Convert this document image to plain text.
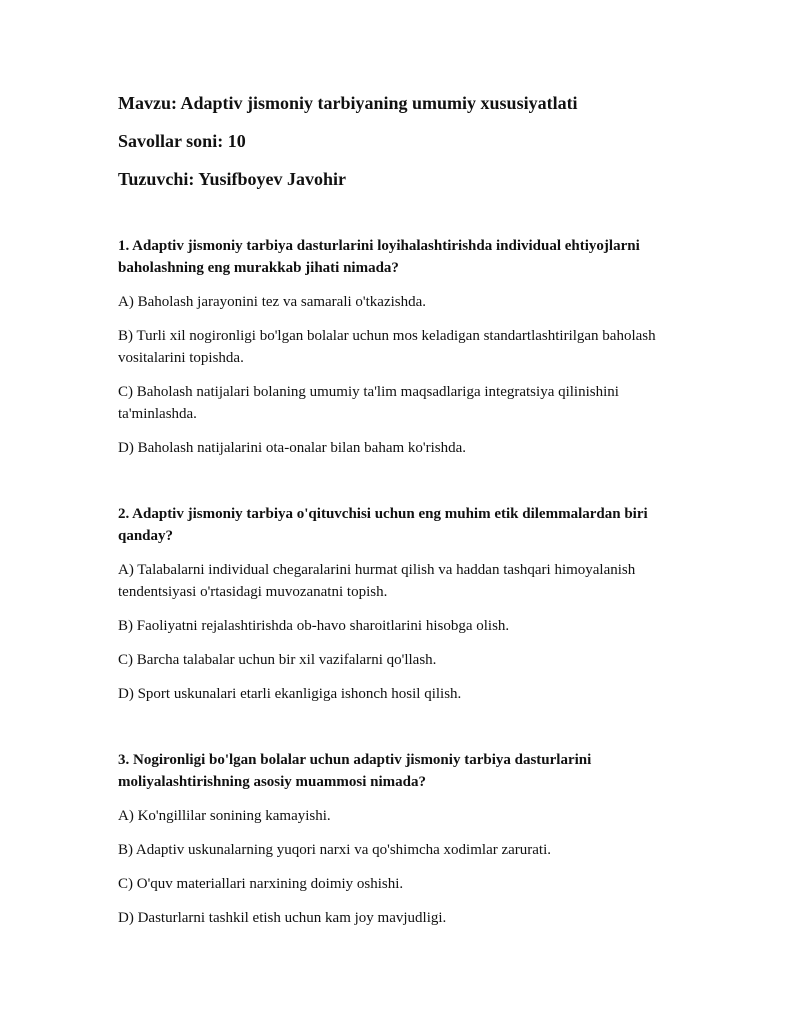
Mavzu: Adaptiv jismoniy tarbiyaning umumiy xususiyatlati
Savollar soni: 10
Tuzuvchi: Yusifboyev Javohir
1. Adaptiv jismoniy tarbiya dasturlarini loyihalashtirishda individual ehtiyojlarni baholashning eng murakkab jihati nimada?
A) Baholash jarayonini tez va samarali o'tkazishda.
B) Turli xil nogironligi bo'lgan bolalar uchun mos keladigan standartlashtirilgan baholash vositalarini topishda.
C) Baholash natijalari bolaning umumiy ta'lim maqsadlariga integratsiya qilinishini ta'minlashda.
D) Baholash natijalarini ota-onalar bilan baham ko'rishda.
2. Adaptiv jismoniy tarbiya o'qituvchisi uchun eng muhim etik dilemmalardan biri qanday?
A) Talabalarni individual chegaralarini hurmat qilish va haddan tashqari himoyalanish tendentsiyasi o'rtasidagi muvozanatni topish.
B) Faoliyatni rejalashtirishda ob-havo sharoitlarini hisobga olish.
C) Barcha talabalar uchun bir xil vazifalarni qo'llash.
D) Sport uskunalari etarli ekanligiga ishonch hosil qilish.
3. Nogironligi bo'lgan bolalar uchun adaptiv jismoniy tarbiya dasturlarini moliyalashtirishning asosiy muammosi nimada?
A) Ko'ngillilar sonining kamayishi.
B) Adaptiv uskunalarning yuqori narxi va qo'shimcha xodimlar zarurati.
C) O'quv materiallari narxining doimiy oshishi.
D) Dasturlarni tashkil etish uchun kam joy mavjudligi.
